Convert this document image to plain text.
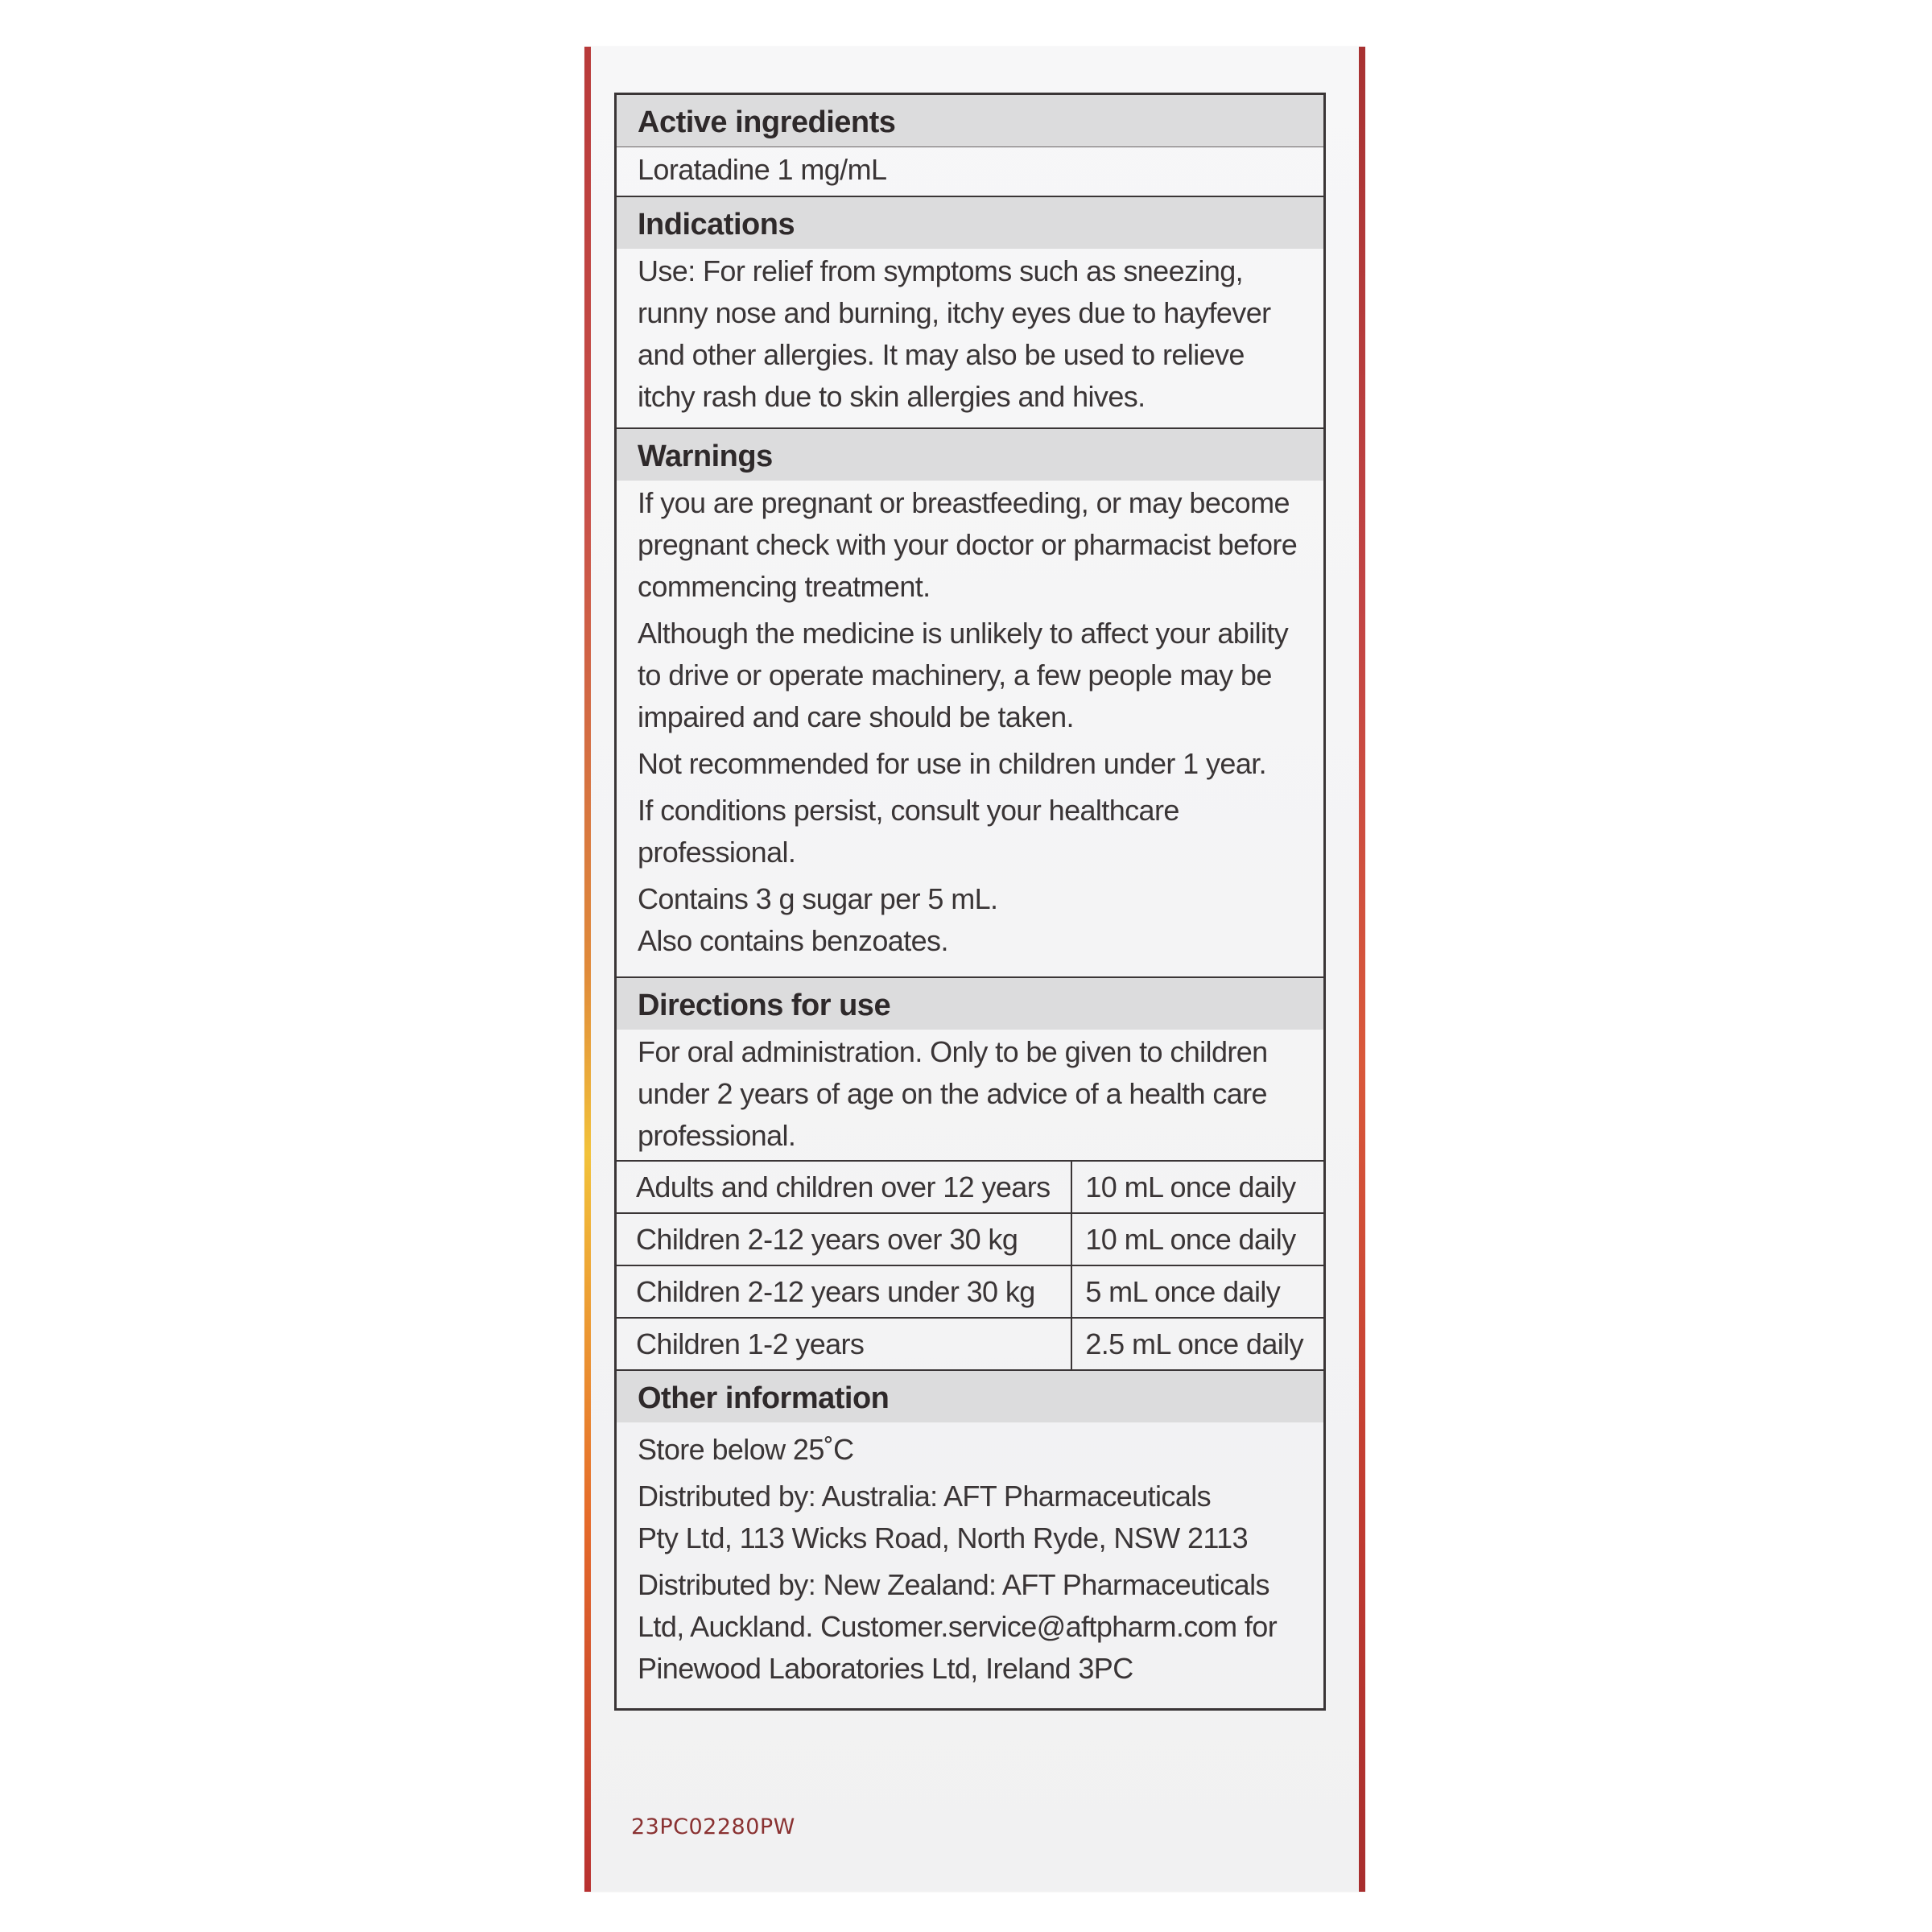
Active ingredients

Loratadine 1 mg/mL

Indications
Use: For relief from symptoms such as sneezing,
runny nose and burning, itchy eyes due to hayfever
and other allergies. It may also be used to relieve
itchy rash due to skin allergies and hives.
Warnings

If you are pregnant or breastfeeding, or may become
pregnant check with your doctor or pharmacist before
commencing treatment.

Although the medicine is unlikely to affect your ability
to drive or operate machinery, a few people may be
impaired and care should be taken.

Not recommended for use in children under 1 year.

If conditions persist, consult your healthcare
professional.

Contains 3 g sugar per 5 mL.
Also contains benzoates.

Directions for use
For oral administration. Only to be given to children
under 2 years of age on the advice of a health care
professional.
Adults and children over 12 years	10 mL once daily
Children 2-12 years over 30 kg	10 mL once daily
Children 2-12 years under 30 kg	5 mL once daily
Children 1-2 years	2.5 mL once daily
Other information

Store below 25˚C

Distributed by: Australia: AFT Pharmaceuticals
Pty Ltd, 113 Wicks Road, North Ryde, NSW 2113

Distributed by: New Zealand: AFT Pharmaceuticals
Ltd, Auckland. Customer.service@aftpharm.com for
Pinewood Laboratories Ltd, Ireland 3PC

23PC02280PW
